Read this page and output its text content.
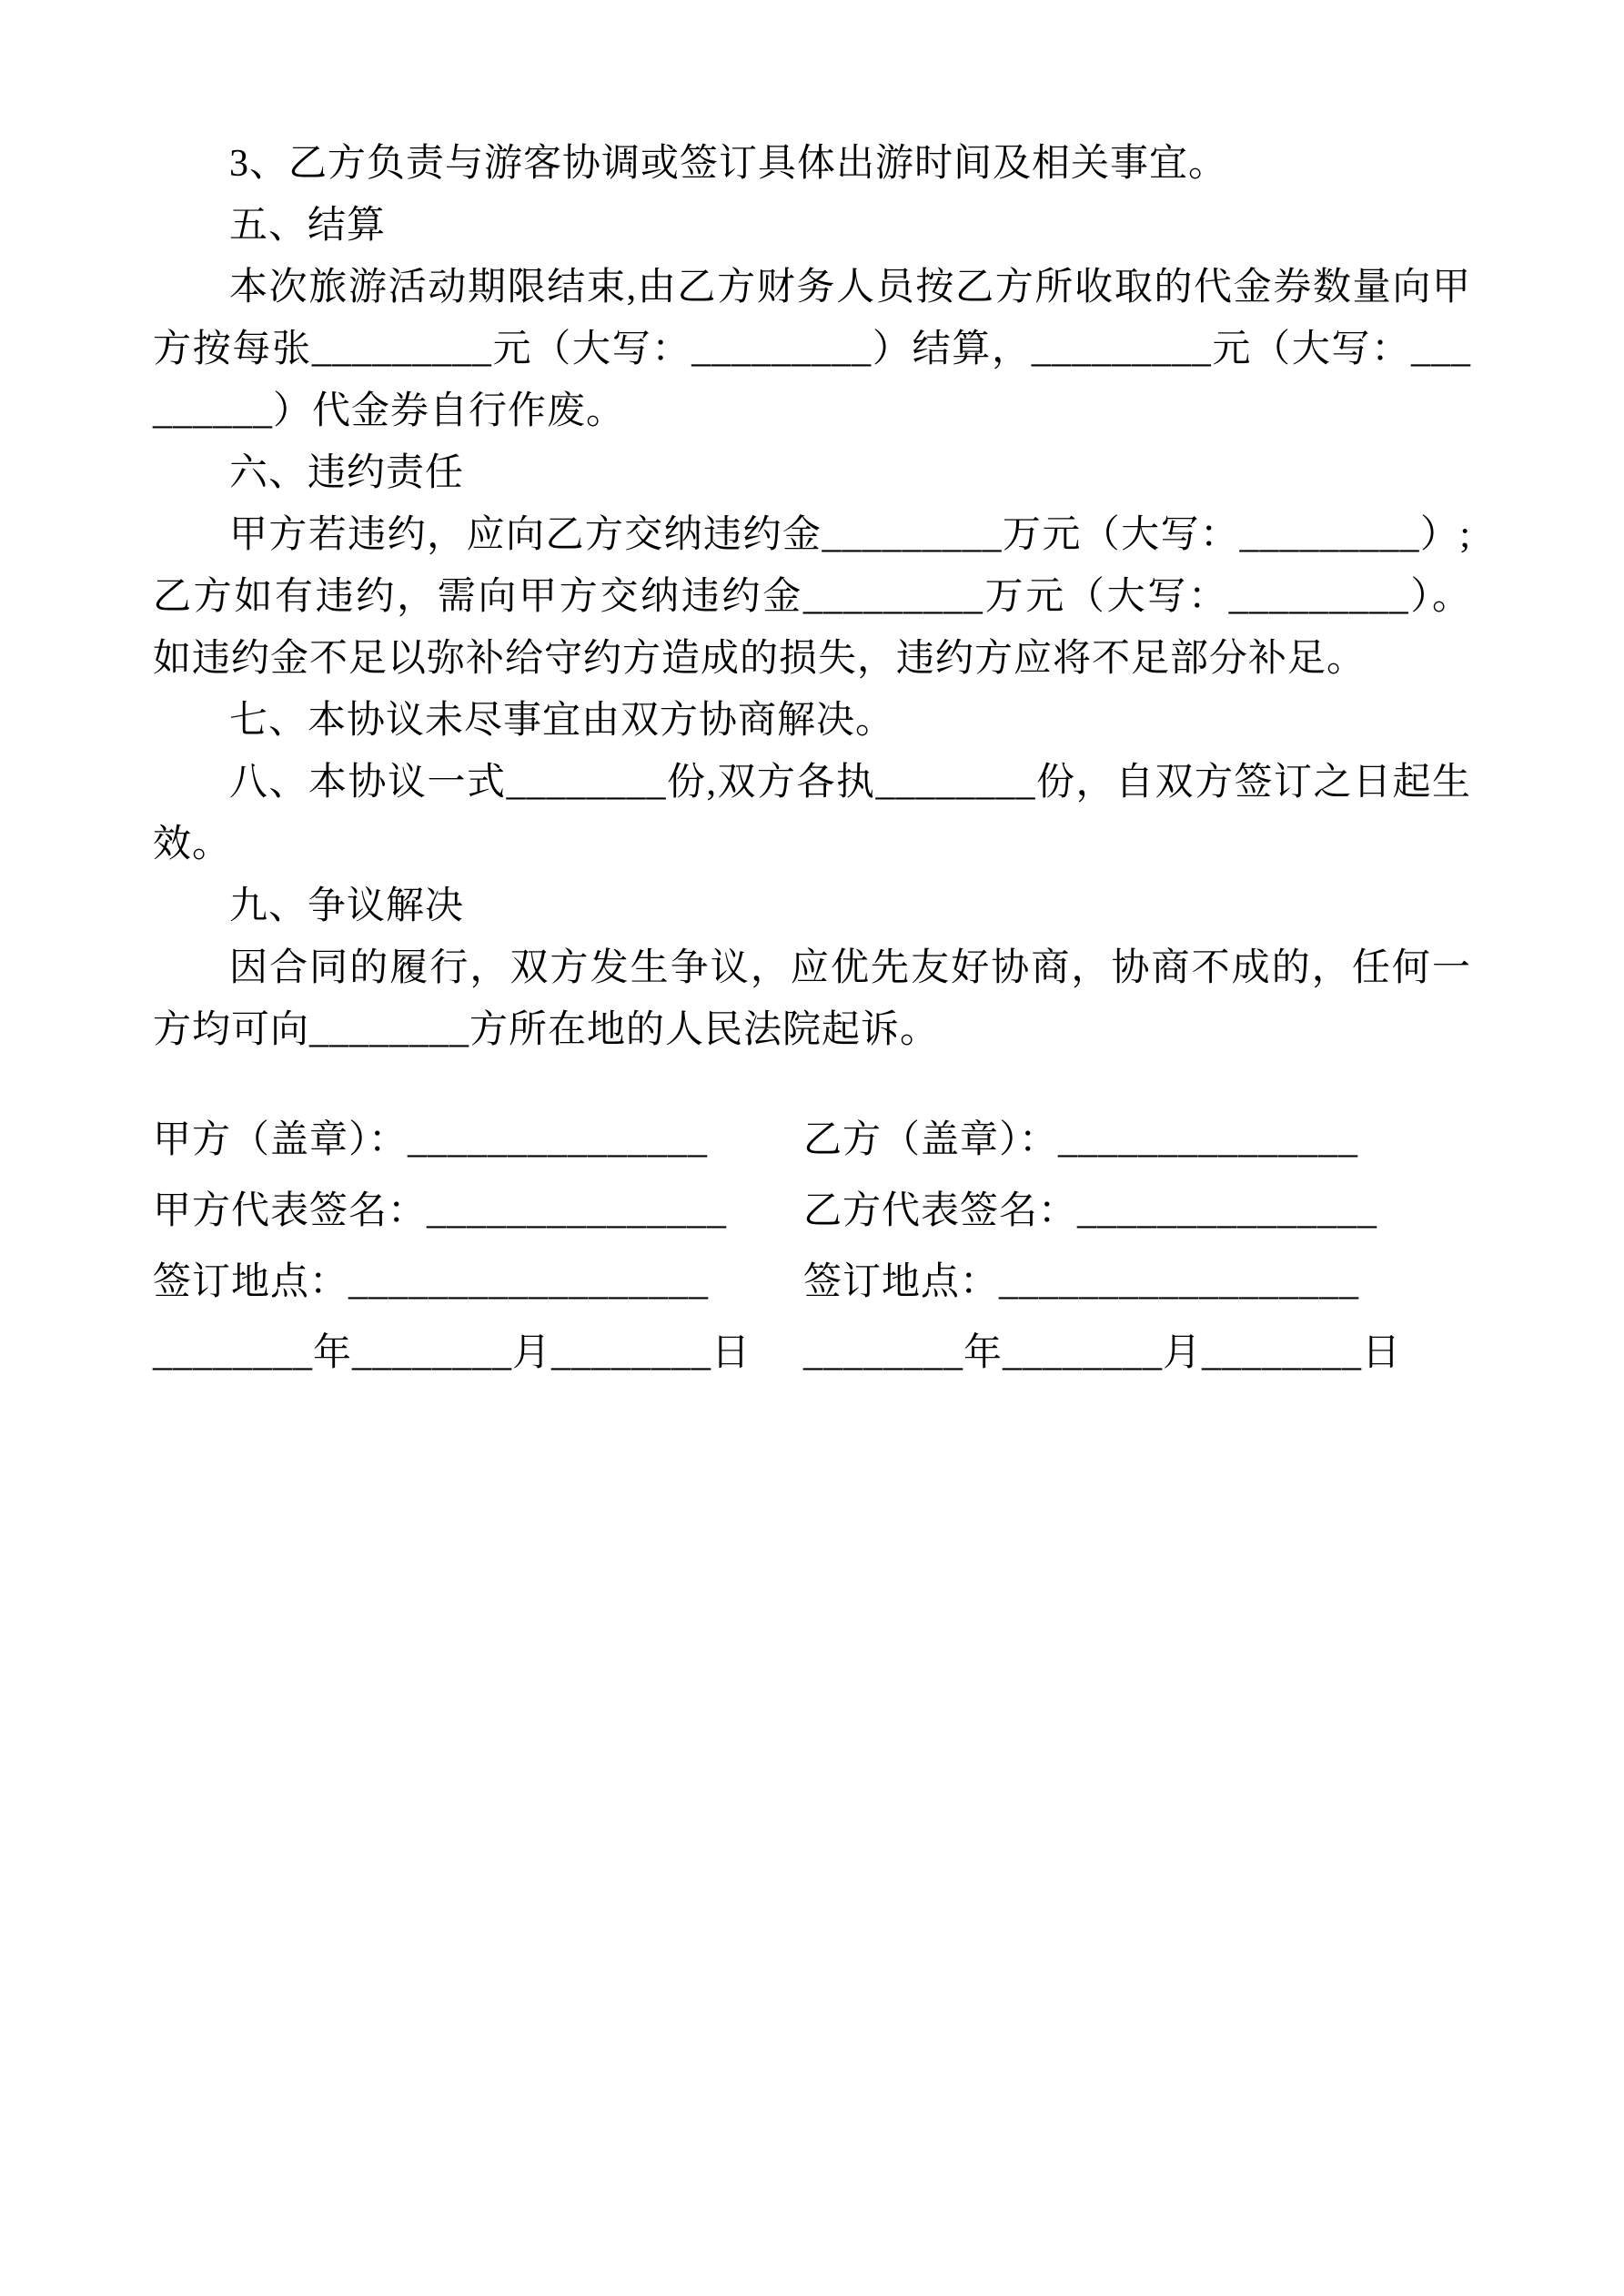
3、乙方负责与游客协调或签订具体出游时间及相关事宜。

五、结算

本次旅游活动期限结束,由乙方财务人员按乙方所收取的代金券数量向甲方按每张_________元（大写：_________）结算，_________元（大写：_________）代金券自行作废。

六、违约责任

甲方若违约，应向乙方交纳违约金_________万元（大写：_________）; 乙方如有违约，需向甲方交纳违约金_________万元（大写：_________）。如违约金不足以弥补给守约方造成的损失，违约方应将不足部分补足。

七、本协议未尽事宜由双方协商解决。

八、本协议一式________份,双方各执________份，自双方签订之日起生效。

九、争议解决

因合同的履行，双方发生争议，应优先友好协商，协商不成的，任何一方均可向________方所在地的人民法院起诉。

甲方（盖章）：_______________	乙方（盖章）：_______________
甲方代表签名：_______________	乙方代表签名：_______________
签订地点：__________________	签订地点：__________________
________年________月________日	________年________月________日
